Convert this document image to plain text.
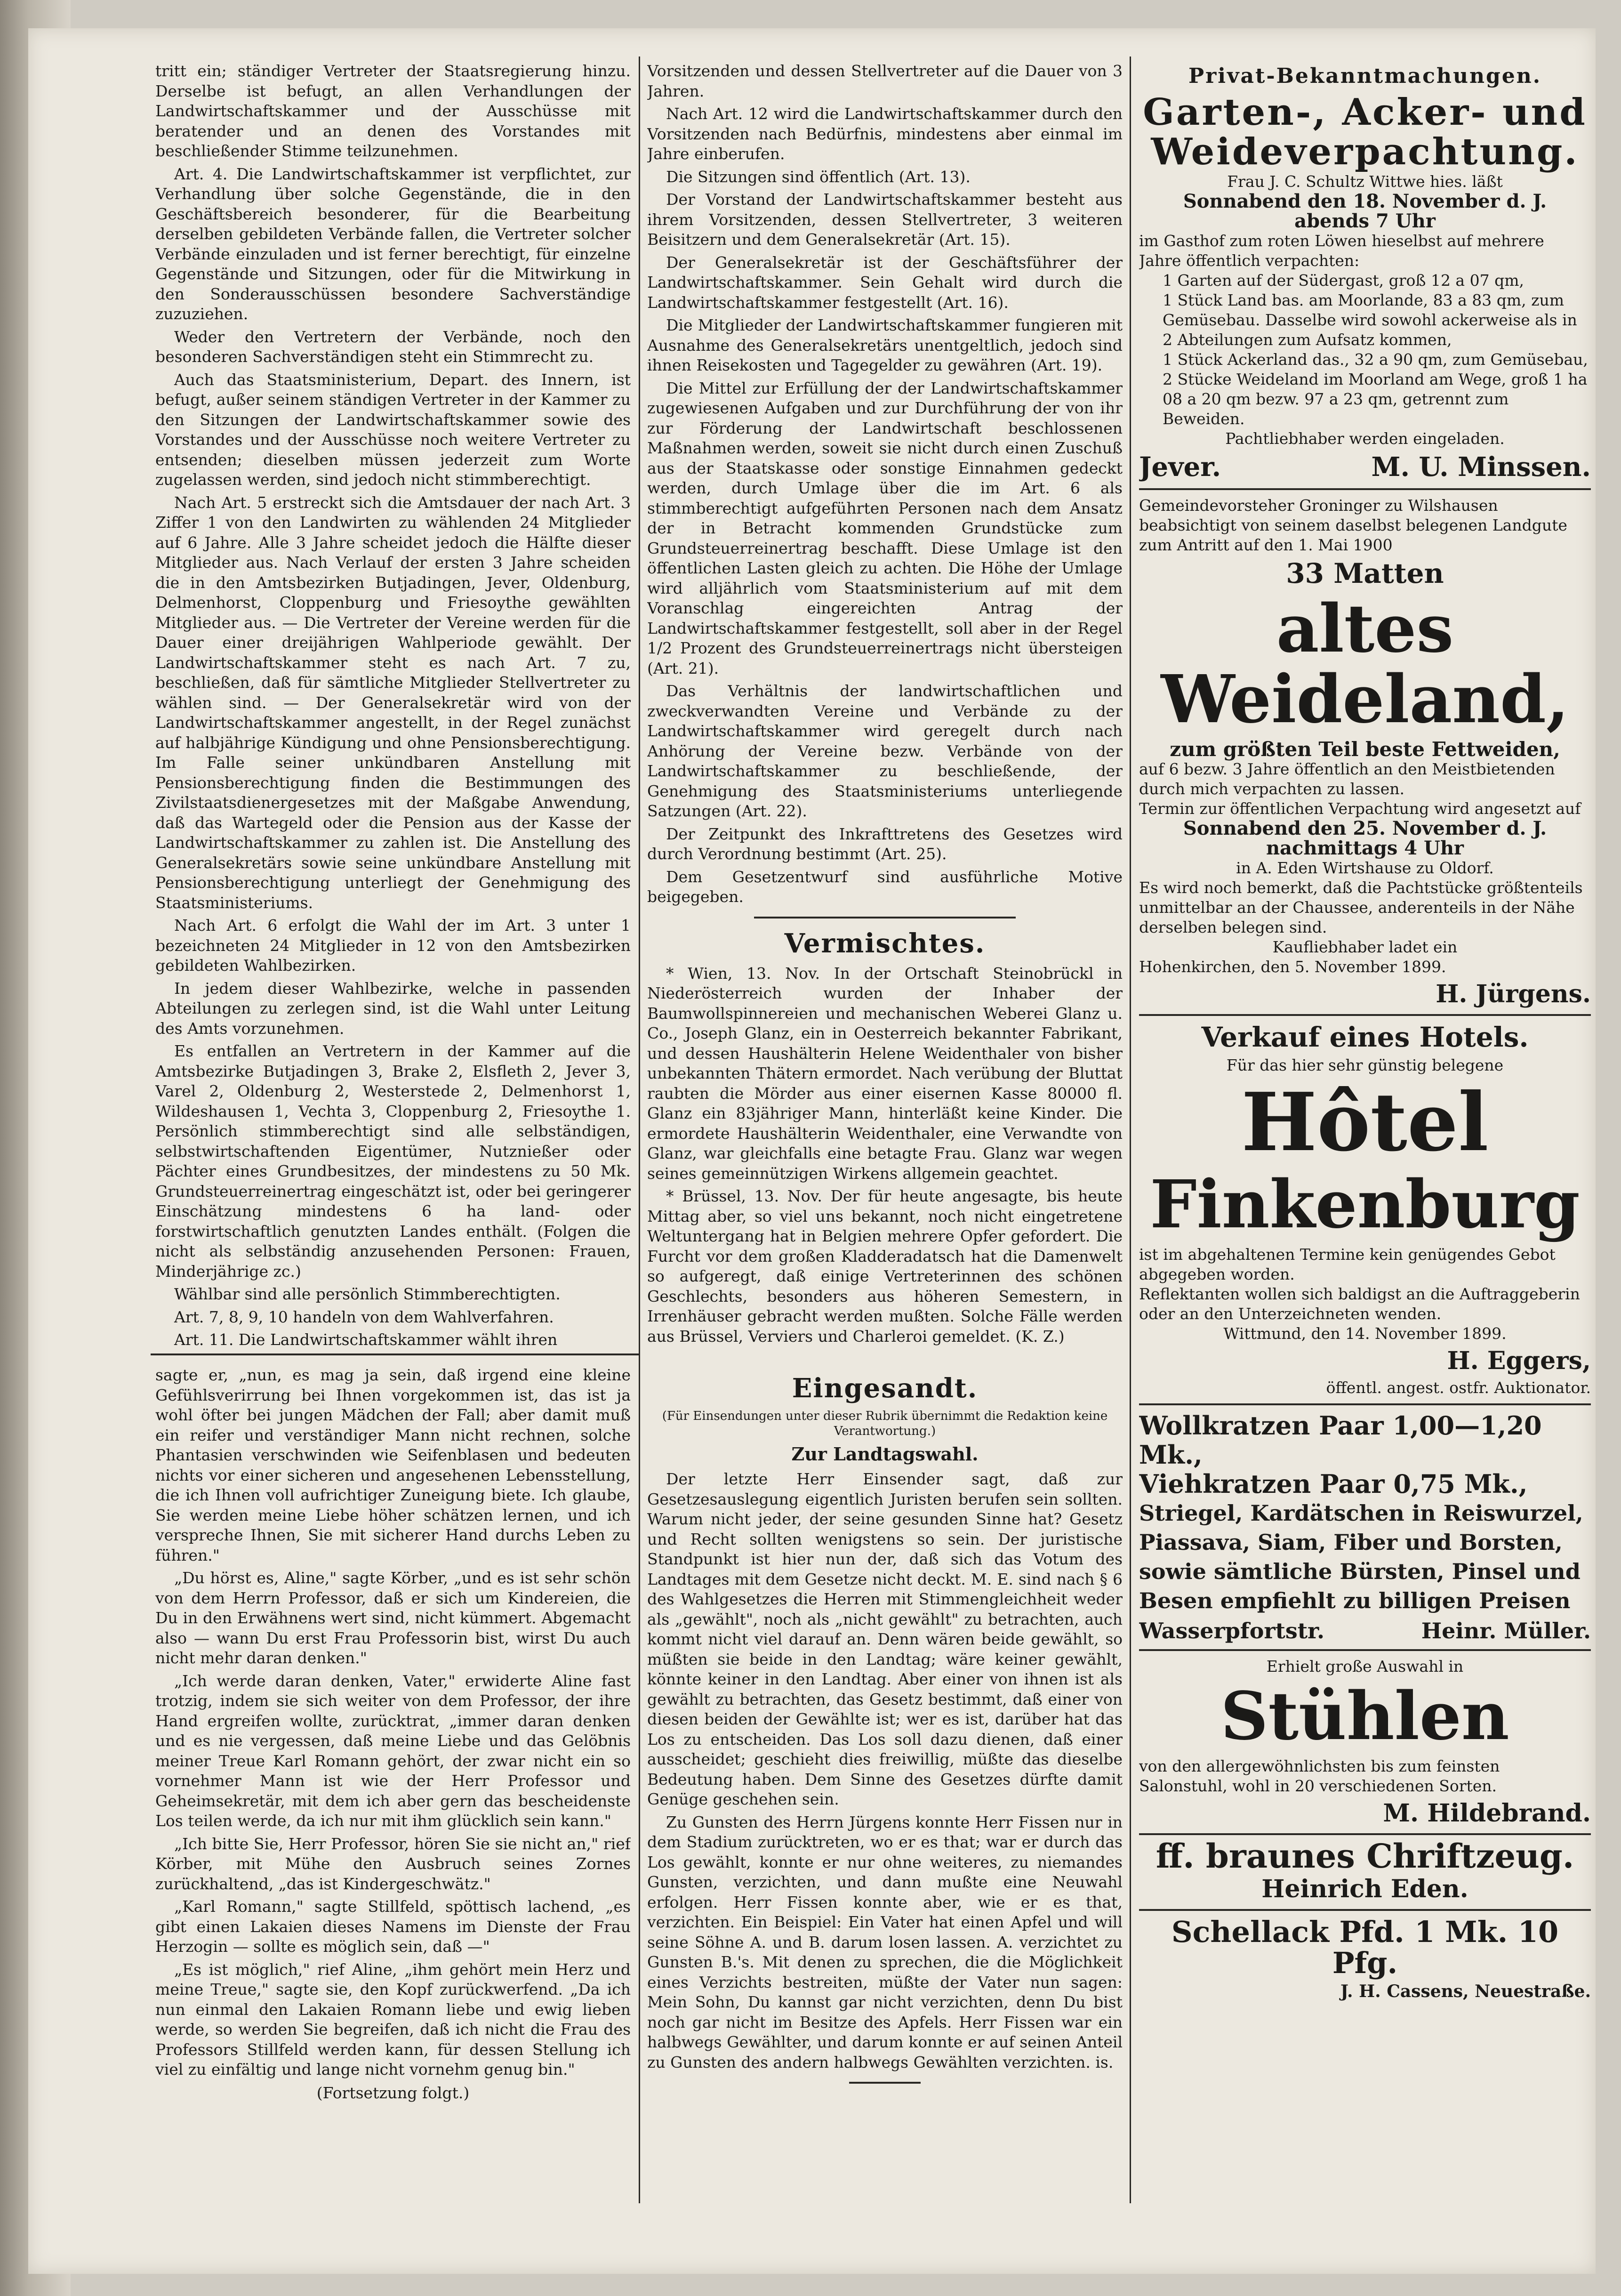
tritt ein; ständiger Vertreter der Staatsregierung hinzu. Derselbe ist befugt, an allen Verhandlungen der Landwirtschaftskammer und der Ausschüsse mit beratender und an denen des Vorstandes mit beschließender Stimme teilzunehmen.

Art. 4. Die Landwirtschaftskammer ist verpflichtet, zur Verhandlung über solche Gegenstände, die in den Geschäftsbereich besonderer, für die Bearbeitung derselben gebildeten Verbände fallen, die Vertreter solcher Verbände einzuladen und ist ferner berechtigt, für einzelne Gegenstände und Sitzungen, oder für die Mitwirkung in den Sonderausschüssen besondere Sachverständige zuzuziehen.

Weder den Vertretern der Verbände, noch den besonderen Sachverständigen steht ein Stimmrecht zu.

Auch das Staatsministerium, Depart. des Innern, ist befugt, außer seinem ständigen Vertreter in der Kammer zu den Sitzungen der Landwirtschaftskammer sowie des Vorstandes und der Ausschüsse noch weitere Vertreter zu entsenden; dieselben müssen jederzeit zum Worte zugelassen werden, sind jedoch nicht stimmberechtigt.

Nach Art. 5 erstreckt sich die Amtsdauer der nach Art. 3 Ziffer 1 von den Landwirten zu wählenden 24 Mitglieder auf 6 Jahre. Alle 3 Jahre scheidet jedoch die Hälfte dieser Mitglieder aus. Nach Verlauf der ersten 3 Jahre scheiden die in den Amtsbezirken Butjadingen, Jever, Oldenburg, Delmenhorst, Cloppenburg und Friesoythe gewählten Mitglieder aus. — Die Vertreter der Vereine werden für die Dauer einer dreijährigen Wahlperiode gewählt. Der Landwirtschaftskammer steht es nach Art. 7 zu, beschließen, daß für sämtliche Mitglieder Stellvertreter zu wählen sind. — Der Generalsekretär wird von der Landwirtschaftskammer angestellt, in der Regel zunächst auf halbjährige Kündigung und ohne Pensionsberechtigung. Im Falle seiner unkündbaren Anstellung mit Pensionsberechtigung finden die Bestimmungen des Zivilstaatsdienergesetzes mit der Maßgabe Anwendung, daß das Wartegeld oder die Pension aus der Kasse der Landwirtschaftskammer zu zahlen ist. Die Anstellung des Generalsekretärs sowie seine unkündbare Anstellung mit Pensionsberechtigung unterliegt der Genehmigung des Staatsministeriums.

Nach Art. 6 erfolgt die Wahl der im Art. 3 unter 1 bezeichneten 24 Mitglieder in 12 von den Amtsbezirken gebildeten Wahlbezirken.

In jedem dieser Wahlbezirke, welche in passenden Abteilungen zu zerlegen sind, ist die Wahl unter Leitung des Amts vorzunehmen.

Es entfallen an Vertretern in der Kammer auf die Amtsbezirke Butjadingen 3, Brake 2, Elsfleth 2, Jever 3, Varel 2, Oldenburg 2, Westerstede 2, Delmenhorst 1, Wildeshausen 1, Vechta 3, Cloppenburg 2, Friesoythe 1. Persönlich stimmberechtigt sind alle selbständigen, selbstwirtschaftenden Eigentümer, Nutznießer oder Pächter eines Grundbesitzes, der mindestens zu 50 Mk. Grundsteuerreinertrag eingeschätzt ist, oder bei geringerer Einschätzung mindestens 6 ha land- oder forstwirtschaftlich genutzten Landes enthält. (Folgen die nicht als selbständig anzusehenden Personen: Frauen, Minderjährige zc.)

Wählbar sind alle persönlich Stimmberechtigten.

Art. 7, 8, 9, 10 handeln von dem Wahlverfahren.

Art. 11. Die Landwirtschaftskammer wählt ihren

Vorsitzenden und dessen Stellvertreter auf die Dauer von 3 Jahren.

Nach Art. 12 wird die Landwirtschaftskammer durch den Vorsitzenden nach Bedürfnis, mindestens aber einmal im Jahre einberufen.

Die Sitzungen sind öffentlich (Art. 13).

Der Vorstand der Landwirtschaftskammer besteht aus ihrem Vorsitzenden, dessen Stellvertreter, 3 weiteren Beisitzern und dem Generalsekretär (Art. 15).

Der Generalsekretär ist der Geschäftsführer der Landwirtschaftskammer. Sein Gehalt wird durch die Landwirtschaftskammer festgestellt (Art. 16).

Die Mitglieder der Landwirtschaftskammer fungieren mit Ausnahme des Generalsekretärs unentgeltlich, jedoch sind ihnen Reisekosten und Tagegelder zu gewähren (Art. 19).

Die Mittel zur Erfüllung der der Landwirtschaftskammer zugewiesenen Aufgaben und zur Durchführung der von ihr zur Förderung der Landwirtschaft beschlossenen Maßnahmen werden, soweit sie nicht durch einen Zuschuß aus der Staatskasse oder sonstige Einnahmen gedeckt werden, durch Umlage über die im Art. 6 als stimmberechtigt aufgeführten Personen nach dem Ansatz der in Betracht kommenden Grundstücke zum Grundsteuerreinertrag beschafft. Diese Umlage ist den öffentlichen Lasten gleich zu achten. Die Höhe der Umlage wird alljährlich vom Staatsministerium auf mit dem Voranschlag eingereichten Antrag der Landwirtschaftskammer festgestellt, soll aber in der Regel 1/2 Prozent des Grundsteuerreinertrags nicht übersteigen (Art. 21).

Das Verhältnis der landwirtschaftlichen und zweckverwandten Vereine und Verbände zu der Landwirtschaftskammer wird geregelt durch nach Anhörung der Vereine bezw. Verbände von der Landwirtschaftskammer zu beschließende, der Genehmigung des Staatsministeriums unterliegende Satzungen (Art. 22).

Der Zeitpunkt des Inkrafttretens des Gesetzes wird durch Verordnung bestimmt (Art. 25).

Dem Gesetzentwurf sind ausführliche Motive beigegeben.

Vermischtes.

* Wien, 13. Nov. In der Ortschaft Steinobrückl in Niederösterreich wurden der Inhaber der Baumwollspinnereien und mechanischen Weberei Glanz u. Co., Joseph Glanz, ein in Oesterreich bekannter Fabrikant, und dessen Haushälterin Helene Weidenthaler von bisher unbekannten Thätern ermordet. Nach verübung der Bluttat raubten die Mörder aus einer eisernen Kasse 80000 fl. Glanz ein 83jähriger Mann, hinterläßt keine Kinder. Die ermordete Haushälterin Weidenthaler, eine Verwandte von Glanz, war gleichfalls eine betagte Frau. Glanz war wegen seines gemeinnützigen Wirkens allgemein geachtet.

* Brüssel, 13. Nov. Der für heute angesagte, bis heute Mittag aber, so viel uns bekannt, noch nicht eingetretene Weltuntergang hat in Belgien mehrere Opfer gefordert. Die Furcht vor dem großen Kladderadatsch hat die Damenwelt so aufgeregt, daß einige Vertreterinnen des schönen Geschlechts, besonders aus höheren Semestern, in Irrenhäuser gebracht werden mußten. Solche Fälle werden aus Brüssel, Verviers und Charleroi gemeldet. (K. Z.)

sagte er, „nun, es mag ja sein, daß irgend eine kleine Gefühlsverirrung bei Ihnen vorgekommen ist, das ist ja wohl öfter bei jungen Mädchen der Fall; aber damit muß ein reifer und verständiger Mann nicht rechnen, solche Phantasien verschwinden wie Seifenblasen und bedeuten nichts vor einer sicheren und angesehenen Lebensstellung, die ich Ihnen voll aufrichtiger Zuneigung biete. Ich glaube, Sie werden meine Liebe höher schätzen lernen, und ich verspreche Ihnen, Sie mit sicherer Hand durchs Leben zu führen."

„Du hörst es, Aline," sagte Körber, „und es ist sehr schön von dem Herrn Professor, daß er sich um Kindereien, die Du in den Erwähnens wert sind, nicht kümmert. Abgemacht also — wann Du erst Frau Professorin bist, wirst Du auch nicht mehr daran denken."

„Ich werde daran denken, Vater," erwiderte Aline fast trotzig, indem sie sich weiter von dem Professor, der ihre Hand ergreifen wollte, zurücktrat, „immer daran denken und es nie vergessen, daß meine Liebe und das Gelöbnis meiner Treue Karl Romann gehört, der zwar nicht ein so vornehmer Mann ist wie der Herr Professor und Geheimsekretär, mit dem ich aber gern das bescheidenste Los teilen werde, da ich nur mit ihm glücklich sein kann."

„Ich bitte Sie, Herr Professor, hören Sie sie nicht an," rief Körber, mit Mühe den Ausbruch seines Zornes zurückhaltend, „das ist Kindergeschwätz."

„Karl Romann," sagte Stillfeld, spöttisch lachend, „es gibt einen Lakaien dieses Namens im Dienste der Frau Herzogin — sollte es möglich sein, daß —"

„Es ist möglich," rief Aline, „ihm gehört mein Herz und meine Treue," sagte sie, den Kopf zurückwerfend. „Da ich nun einmal den Lakaien Romann liebe und ewig lieben werde, so werden Sie begreifen, daß ich nicht die Frau des Professors Stillfeld werden kann, für dessen Stellung ich viel zu einfältig und lange nicht vornehm genug bin."

(Fortsetzung folgt.)
Eingesandt.
(Für Einsendungen unter dieser Rubrik übernimmt die Redaktion keine Verantwortung.)
Zur Landtagswahl.

Der letzte Herr Einsender sagt, daß zur Gesetzesauslegung eigentlich Juristen berufen sein sollten. Warum nicht jeder, der seine gesunden Sinne hat? Gesetz und Recht sollten wenigstens so sein. Der juristische Standpunkt ist hier nun der, daß sich das Votum des Landtages mit dem Gesetze nicht deckt. M. E. sind nach § 6 des Wahlgesetzes die Herren mit Stimmengleichheit weder als „gewählt", noch als „nicht gewählt" zu betrachten, auch kommt nicht viel darauf an. Denn wären beide gewählt, so müßten sie beide in den Landtag; wäre keiner gewählt, könnte keiner in den Landtag. Aber einer von ihnen ist als gewählt zu betrachten, das Gesetz bestimmt, daß einer von diesen beiden der Gewählte ist; wer es ist, darüber hat das Los zu entscheiden. Das Los soll dazu dienen, daß einer ausscheidet; geschieht dies freiwillig, müßte das dieselbe Bedeutung haben. Dem Sinne des Gesetzes dürfte damit Genüge geschehen sein.

Zu Gunsten des Herrn Jürgens konnte Herr Fissen nur in dem Stadium zurücktreten, wo er es that; war er durch das Los gewählt, konnte er nur ohne weiteres, zu niemandes Gunsten, verzichten, und dann mußte eine Neuwahl erfolgen. Herr Fissen konnte aber, wie er es that, verzichten. Ein Beispiel: Ein Vater hat einen Apfel und will seine Söhne A. und B. darum losen lassen. A. verzichtet zu Gunsten B.'s. Mit denen zu sprechen, die die Möglichkeit eines Verzichts bestreiten, müßte der Vater nun sagen: Mein Sohn, Du kannst gar nicht verzichten, denn Du bist noch gar nicht im Besitze des Apfels. Herr Fissen war ein halbwegs Gewählter, und darum konnte er auf seinen Anteil zu Gunsten des andern halbwegs Gewählten verzichten. is.

Privat-Bekanntmachungen.
Garten-, Acker- und Weideverpachtung.
Frau J. C. Schultz Wittwe hies. läßt
Sonnabend den 18. November d. J.
abends 7 Uhr
im Gasthof zum roten Löwen hieselbst auf mehrere Jahre öffentlich verpachten:
1 Garten auf der Südergast, groß 12 a 07 qm,
1 Stück Land bas. am Moorlande, 83 a 83 qm, zum Gemüsebau. Dasselbe wird sowohl ackerweise als in 2 Abteilungen zum Aufsatz kommen,
1 Stück Ackerland das., 32 a 90 qm, zum Gemüsebau,
2 Stücke Weideland im Moorland am Wege, groß 1 ha 08 a 20 qm bezw. 97 a 23 qm, getrennt zum Beweiden.
Pachtliebhaber werden eingeladen.
Jever.	M. U. Minssen.
Gemeindevorsteher Groninger zu Wilshausen beabsichtigt von seinem daselbst belegenen Landgute zum Antritt auf den 1. Mai 1900
33 Matten
altes Weideland,
zum größten Teil beste Fettweiden,
auf 6 bezw. 3 Jahre öffentlich an den Meistbietenden durch mich verpachten zu lassen.
Termin zur öffentlichen Verpachtung wird angesetzt auf
Sonnabend den 25. November d. J.
nachmittags 4 Uhr
in A. Eden Wirtshause zu Oldorf.
Es wird noch bemerkt, daß die Pachtstücke größtenteils unmittelbar an der Chaussee, anderenteils in der Nähe derselben belegen sind.
Kaufliebhaber ladet ein
Hohenkirchen, den 5. November 1899.
H. Jürgens.
Verkauf eines Hotels.
Für das hier sehr günstig belegene
Hôtel
Finkenburg
ist im abgehaltenen Termine kein genügendes Gebot abgegeben worden.
Reflektanten wollen sich baldigst an die Auftraggeberin oder an den Unterzeichneten wenden.
Wittmund, den 14. November 1899.
H. Eggers,
öffentl. angest. ostfr. Auktionator.
Wollkratzen Paar 1,00—1,20 Mk.,
Viehkratzen Paar 0,75 Mk.,
Striegel, Kardätschen in Reiswurzel,
Piassava, Siam, Fiber und Borsten,
sowie sämtliche Bürsten, Pinsel und
Besen empfiehlt zu billigen Preisen
Wasserpfortstr.	Heinr. Müller.
Erhielt große Auswahl in
Stühlen
von den allergewöhnlichsten bis zum feinsten Salonstuhl, wohl in 20 verschiedenen Sorten.
M. Hildebrand.
ff. braunes Chriftzeug.
Heinrich Eden.
Schellack Pfd. 1 Mk. 10 Pfg.
J. H. Cassens, Neuestraße.
